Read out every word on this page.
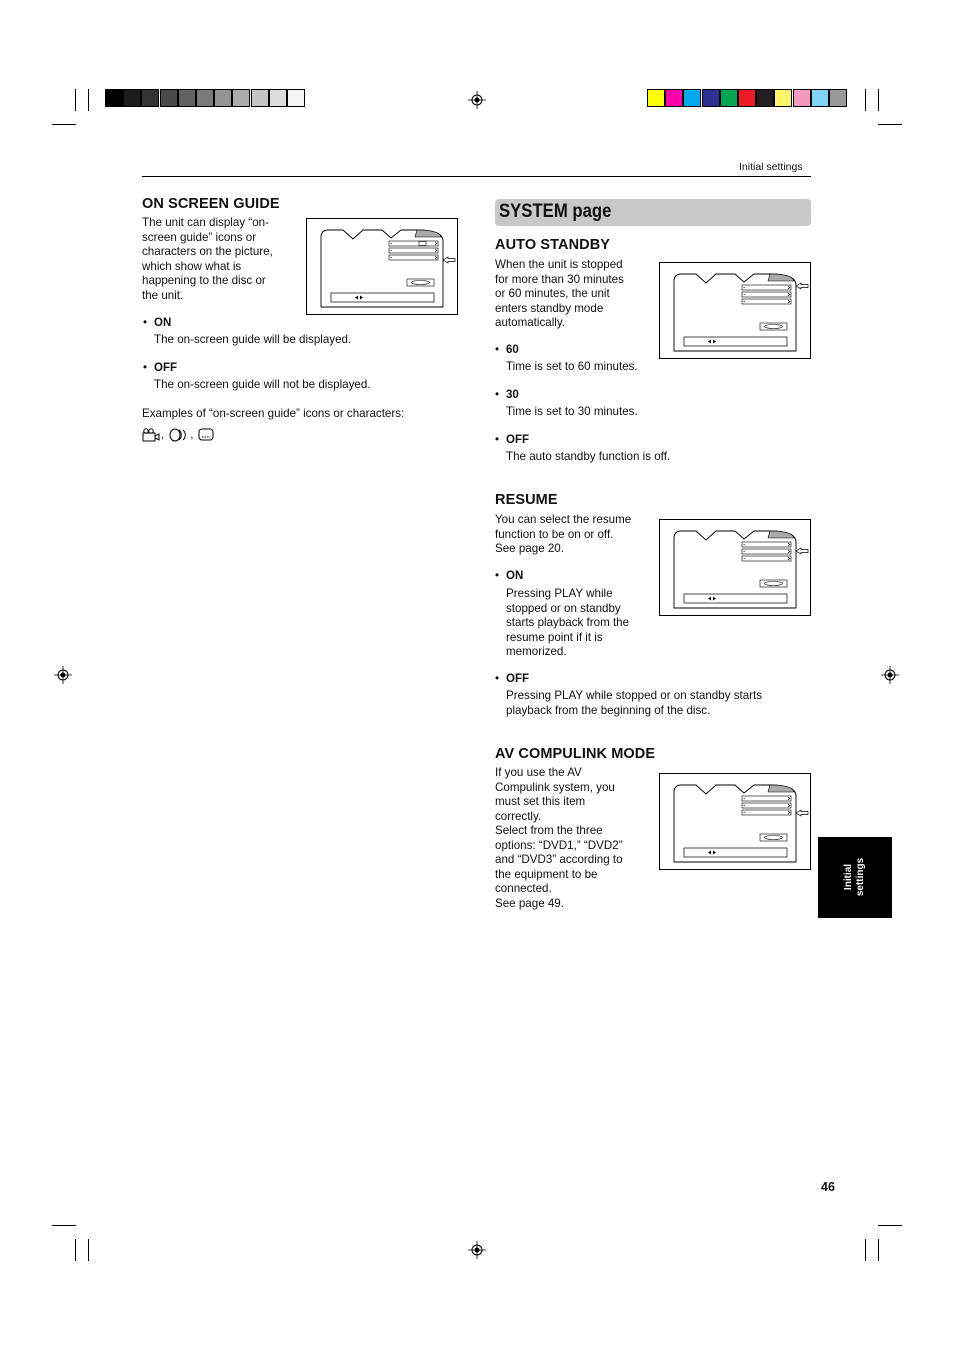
Initial settings
ON SCREEN GUIDE
The unit can display “on-
screen guide” icons or
characters on the picture,
which show what is
happening to the disc or
the unit.
• ON
The on-screen guide will be displayed.
• OFF
The on-screen guide will not be displayed.
Examples of “on-screen guide” icons or characters:
, ,
SYSTEM page
AUTO STANDBY
When the unit is stopped
for more than 30 minutes
or 60 minutes, the unit
enters standby mode
automatically.
• 60
Time is set to 60 minutes.
• 30
Time is set to 30 minutes.
• OFF
The auto standby function is off.
RESUME
You can select the resume
function to be on or off.
See page 20.
• ON
Pressing PLAY while
stopped or on standby
starts playback from the
resume point if it is
memorized.
• OFF
Pressing PLAY while stopped or on standby starts
playback from the beginning of the disc.
AV COMPULINK MODE
If you use the AV
Compulink system, you
must set this item
correctly.
Select from the three
options: “DVD1,” “DVD2”
and “DVD3” according to
the equipment to be
connected.
See page 49.
Initial settings
46
